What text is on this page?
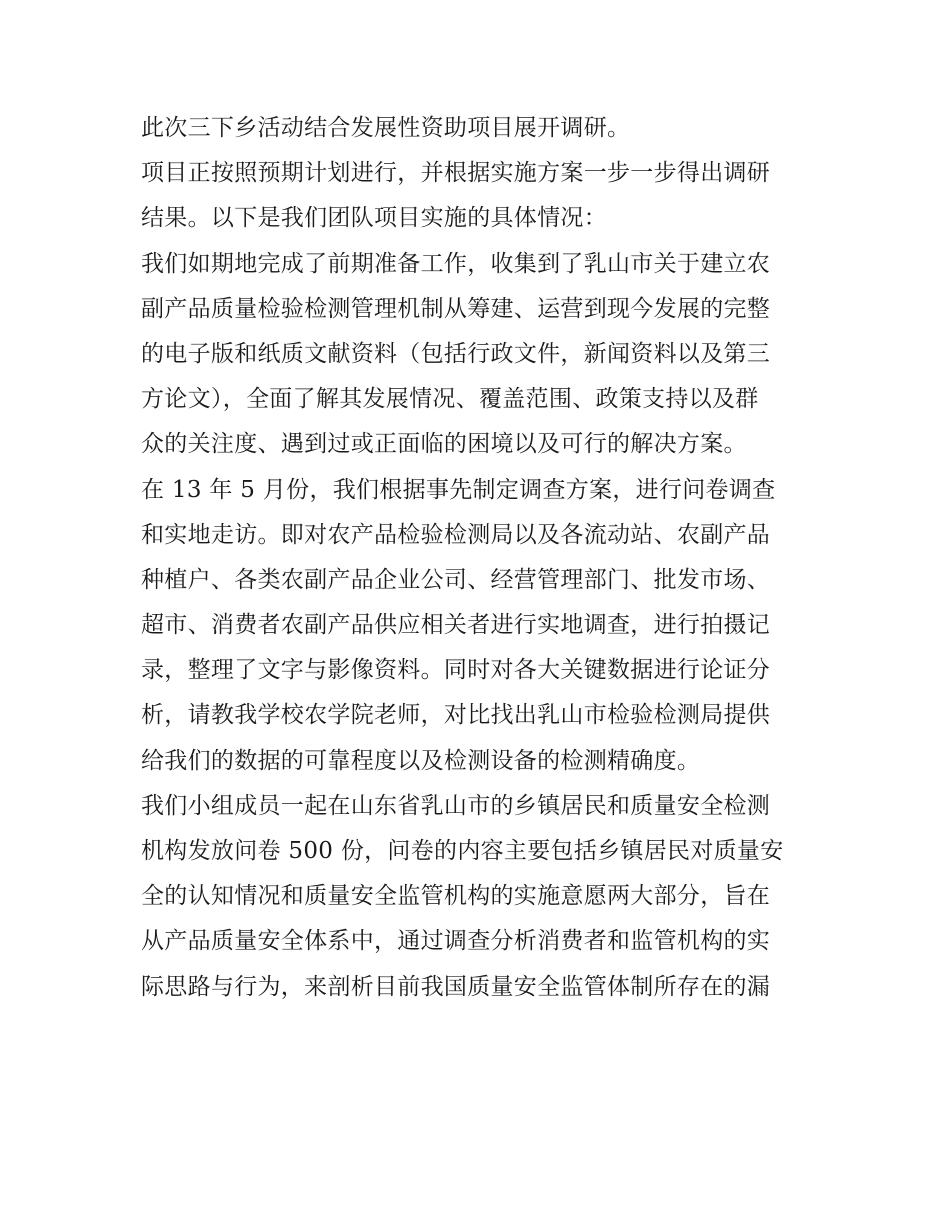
此次三下乡活动结合发展性资助项目展开调研。
项目正按照预期计划进行，并根据实施方案一步一步得出调研
结果。以下是我们团队项目实施的具体情况：
我们如期地完成了前期准备工作，收集到了乳山市关于建立农
副产品质量检验检测管理机制从筹建、运营到现今发展的完整
的电子版和纸质文献资料（包括行政文件，新闻资料以及第三
方论文），全面了解其发展情况、覆盖范围、政策支持以及群
众的关注度、遇到过或正面临的困境以及可行的解决方案。
在 13 年 5 月份，我们根据事先制定调查方案，进行问卷调查
和实地走访。即对农产品检验检测局以及各流动站、农副产品
种植户、各类农副产品企业公司、经营管理部门、批发市场、
超市、消费者农副产品供应相关者进行实地调查，进行拍摄记
录，整理了文字与影像资料。同时对各大关键数据进行论证分
析，请教我学校农学院老师，对比找出乳山市检验检测局提供
给我们的数据的可靠程度以及检测设备的检测精确度。
我们小组成员一起在山东省乳山市的乡镇居民和质量安全检测
机构发放问卷 500 份，问卷的内容主要包括乡镇居民对质量安
全的认知情况和质量安全监管机构的实施意愿两大部分，旨在
从产品质量安全体系中，通过调查分析消费者和监管机构的实
际思路与行为，来剖析目前我国质量安全监管体制所存在的漏
